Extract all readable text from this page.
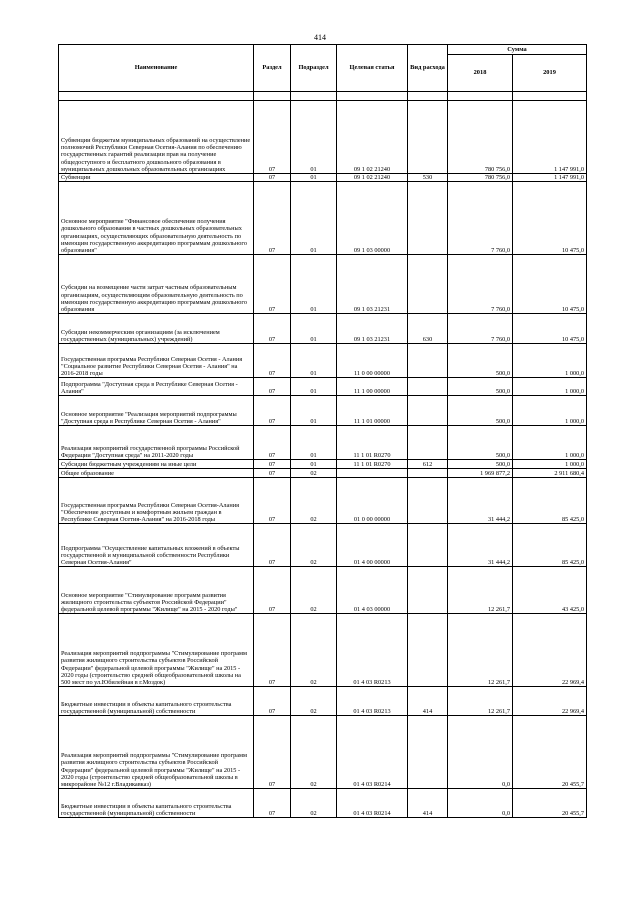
414
Наименование	Раздел	Подраздел	Целевая статья	Вид расхода	Сумма	
					2018	2019

Субвенции бюджетам муниципальных образований на осуществление полномочий Республики Северная Осетия-Алания по обеспечению государственных гарантий реализации прав на получение общедоступного и бесплатного дошкольного образования в муниципальных дошкольных образовательных организациях	07	01	09 1 02 21240		780 756,0	1 147 991,0
Субвенции	07	01	09 1 02 21240	530	780 756,0	1 147 991,0
Основное мероприятие "Финансовое обеспечение получения дошкольного образования в частных дошкольных образовательных организациях, осуществляющих образовательную деятельность по имеющим государственную аккредитацию программам дошкольного образования"	07	01	09 1 03 00000		7 760,0	10 475,0
Субсидии на возмещение части затрат частным образовательным организациям, осуществляющим образовательную деятельность по имеющим государственную аккредитацию программам дошкольного образования	07	01	09 1 03 21231		7 760,0	10 475,0
Субсидии некоммерческим организациям (за исключением государственных (муниципальных) учреждений)	07	01	09 1 03 21231	630	7 760,0	10 475,0
Государственная программа Республики Северная Осетия - Алания "Социальное развитие Республики Северная Осетия - Алания" на 2016-2018 годы	07	01	11 0 00 00000		500,0	1 000,0
Подпрограмма "Доступная среда в Республике Северная Осетия - Алания"	07	01	11 1 00 00000		500,0	1 000,0
Основное мероприятие "Реализация мероприятий подпрограммы "Доступная среда в Республике Северная Осетия - Алания"	07	01	11 1 01 00000		500,0	1 000,0
Реализация мероприятий государственной программы Российской Федерации "Доступная среда" на 2011-2020 годы	07	01	11 1 01 R0270		500,0	1 000,0
Субсидии бюджетным учреждениям на иные цели	07	01	11 1 01 R0270	612	500,0	1 000,0
Общее образование	07	02			1 969 877,2	2 911 680,4
Государственная программа Республики Северная Осетия-Алания "Обеспечение доступным и комфортным жильем граждан в Республике Северная Осетия-Алания" на 2016-2018 годы	07	02	01 0 00 00000		31 444,2	85 425,0
Подпрограмма "Осуществление капитальных вложений в объекты государственной и муниципальной собственности Республики Северная Осетия-Алания"	07	02	01 4 00 00000		31 444,2	85 425,0
Основное мероприятие "Стимулирование программ развития жилищного строительства субъектов Российской Федерации" федеральной целевой программы "Жилище" на 2015 - 2020 годы"	07	02	01 4 03 00000		12 261,7	43 425,0
Реализация мероприятий подпрограммы "Стимулирование программ развития жилищного строительства субъектов Российской Федерации" федеральной целевой программы "Жилище" на 2015 - 2020 годы (строительство средней общеобразовательной школы на 500 мест по ул.Юбилейная в г.Моздок)	07	02	01 4 03 R0213		12 261,7	22 969,4
Бюджетные инвестиции в объекты капитального строительства государственной (муниципальной) собственности	07	02	01 4 03 R0213	414	12 261,7	22 969,4
Реализация мероприятий подпрограммы "Стимулирование программ развития жилищного строительства субъектов Российской Федерации" федеральной целевой программы "Жилище" на 2015 - 2020 годы (строительство средней общеобразовательной школы в микрорайоне №12 г.Владикавказ)	07	02	01 4 03 R0214		0,0	20 455,7
Бюджетные инвестиции в объекты капитального строительства государственной (муниципальной) собственности	07	02	01 4 03 R0214	414	0,0	20 455,7
